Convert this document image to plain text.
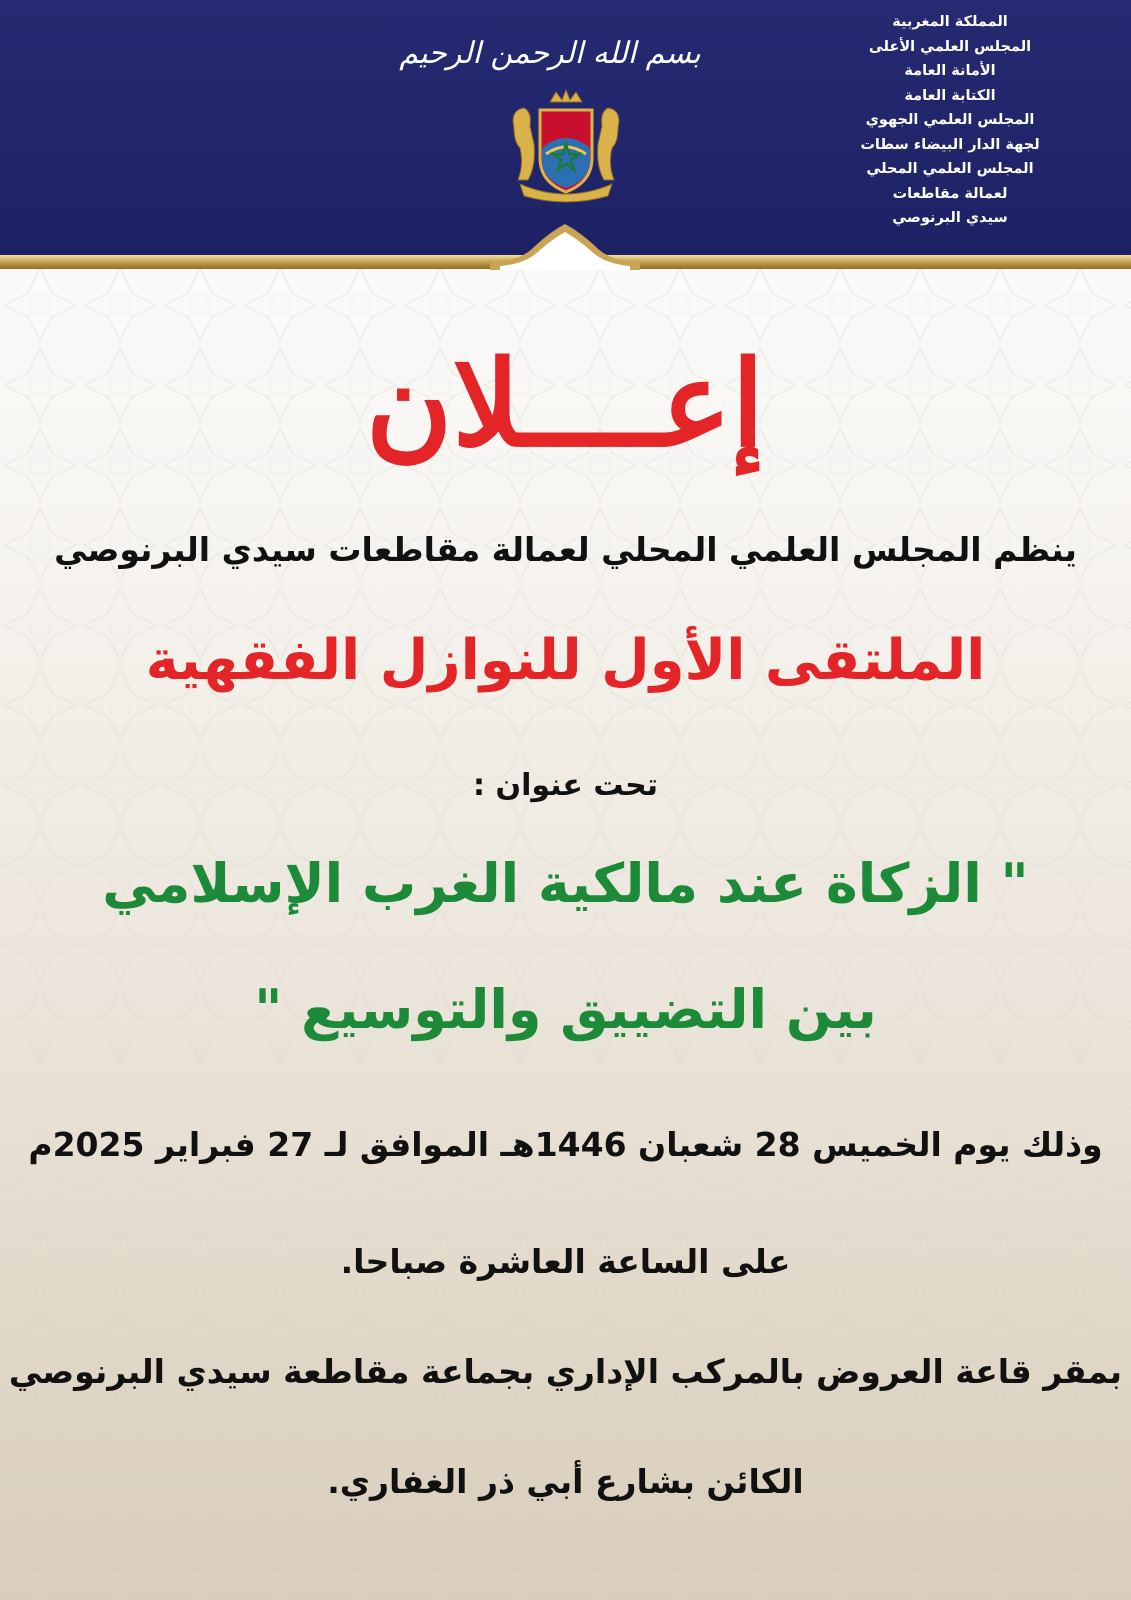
بسم الله الرحمن الرحيم
المملكة المغربية
المجلس العلمي الأعلى
الأمانة العامة
الكتابة العامة
المجلس العلمي الجهوي
لجهة الدار البيضاء سطات
المجلس العلمي المحلي
لعمالة مقاطعات
سيدي البرنوصي
إعــــلان
ينظم المجلس العلمي المحلي لعمالة مقاطعات سيدي البرنوصي
الملتقى الأول للنوازل الفقهية
تحت عنوان :
" الزكاة عند مالكية الغرب الإسلامي
بين التضييق والتوسيع "
وذلك يوم الخميس 28 شعبان 1446هـ الموافق لـ 27 فبراير 2025م
على الساعة العاشرة صباحا.
بمقر قاعة العروض بالمركب الإداري بجماعة مقاطعة سيدي البرنوصي
الكائن بشارع أبي ذر الغفاري.
